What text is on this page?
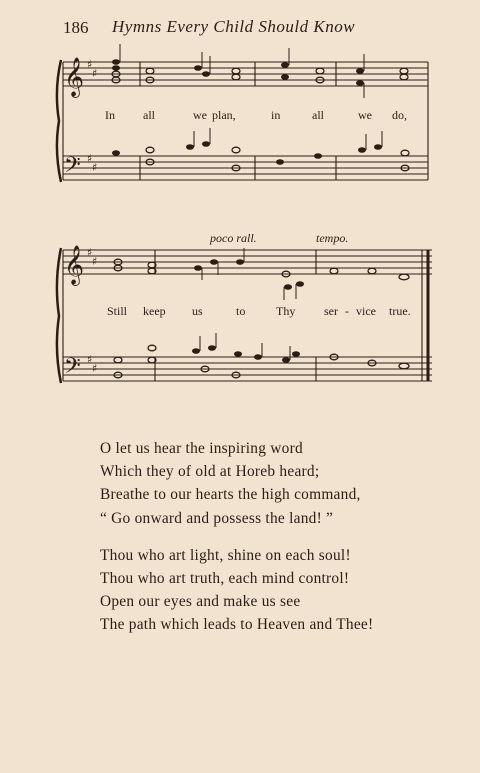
186 Hymns Every Child Should Know
𝄞
𝄢
𝄞
𝄢
♯
♯
♯
♯
♯
♯
♯
♯
In all	we plan,	in	all	we do,
poco rall.	tempo.
Still keep us	to	Thy ser - vice true.
O let us hear the inspiring word
Which they of old at Horeb heard;
Breathe to our hearts the high command,
“ Go onward and possess the land! ”
Thou who art light, shine on each soul!
Thou who art truth, each mind control!
Open our eyes and make us see
The path which leads to Heaven and Thee!
